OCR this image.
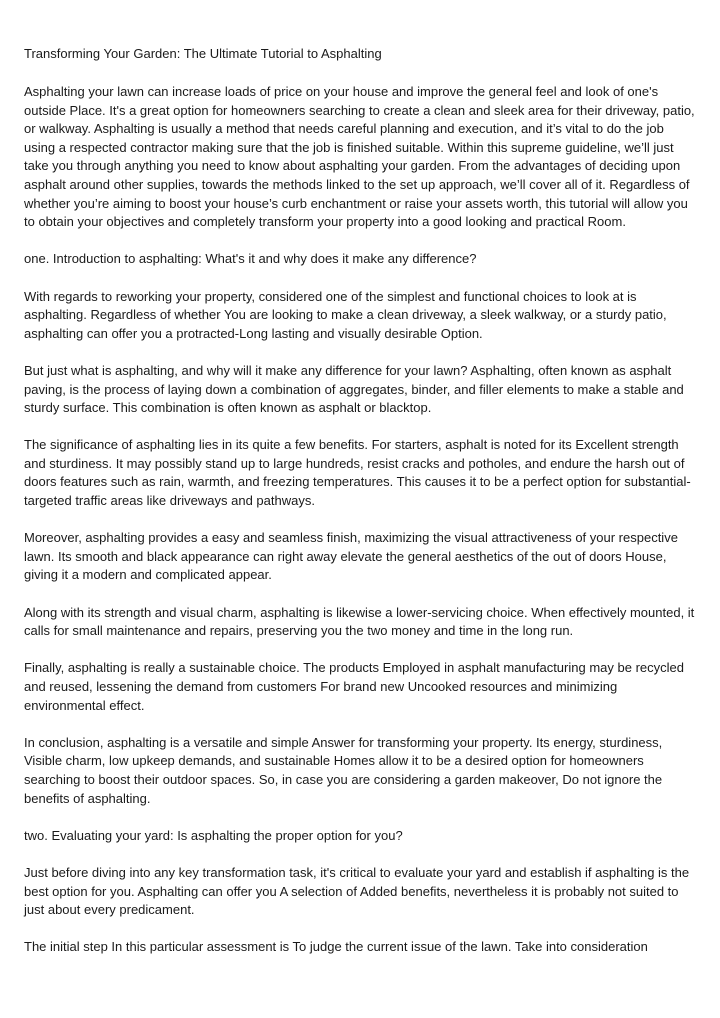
Transforming Your Garden: The Ultimate Tutorial to Asphalting
Asphalting your lawn can increase loads of price on your house and improve the general feel and look of one's outside Place. It's a great option for homeowners searching to create a clean and sleek area for their driveway, patio, or walkway. Asphalting is usually a method that needs careful planning and execution, and it’s vital to do the job using a respected contractor making sure that the job is finished suitable. Within this supreme guideline, we’ll just take you through anything you need to know about asphalting your garden. From the advantages of deciding upon asphalt around other supplies, towards the methods linked to the set up approach, we’ll cover all of it. Regardless of whether you’re aiming to boost your house’s curb enchantment or raise your assets worth, this tutorial will allow you to obtain your objectives and completely transform your property into a good looking and practical Room.
one. Introduction to asphalting: What's it and why does it make any difference?
With regards to reworking your property, considered one of the simplest and functional choices to look at is asphalting. Regardless of whether You are looking to make a clean driveway, a sleek walkway, or a sturdy patio, asphalting can offer you a protracted-Long lasting and visually desirable Option.
But just what is asphalting, and why will it make any difference for your lawn? Asphalting, often known as asphalt paving, is the process of laying down a combination of aggregates, binder, and filler elements to make a stable and sturdy surface. This combination is often known as asphalt or blacktop.
The significance of asphalting lies in its quite a few benefits. For starters, asphalt is noted for its Excellent strength and sturdiness. It may possibly stand up to large hundreds, resist cracks and potholes, and endure the harsh out of doors features such as rain, warmth, and freezing temperatures. This causes it to be a perfect option for substantial-targeted traffic areas like driveways and pathways.
Moreover, asphalting provides a easy and seamless finish, maximizing the visual attractiveness of your respective lawn. Its smooth and black appearance can right away elevate the general aesthetics of the out of doors House, giving it a modern and complicated appear.
Along with its strength and visual charm, asphalting is likewise a lower-servicing choice. When effectively mounted, it calls for small maintenance and repairs, preserving you the two money and time in the long run.
Finally, asphalting is really a sustainable choice. The products Employed in asphalt manufacturing may be recycled and reused, lessening the demand from customers For brand new Uncooked resources and minimizing environmental effect.
In conclusion, asphalting is a versatile and simple Answer for transforming your property. Its energy, sturdiness, Visible charm, low upkeep demands, and sustainable Homes allow it to be a desired option for homeowners searching to boost their outdoor spaces. So, in case you are considering a garden makeover, Do not ignore the benefits of asphalting.
two. Evaluating your yard: Is asphalting the proper option for you?
Just before diving into any key transformation task, it's critical to evaluate your yard and establish if asphalting is the best option for you. Asphalting can offer you A selection of Added benefits, nevertheless it is probably not suited to just about every predicament.
The initial step In this particular assessment is To judge the current issue of the lawn. Take into consideration
